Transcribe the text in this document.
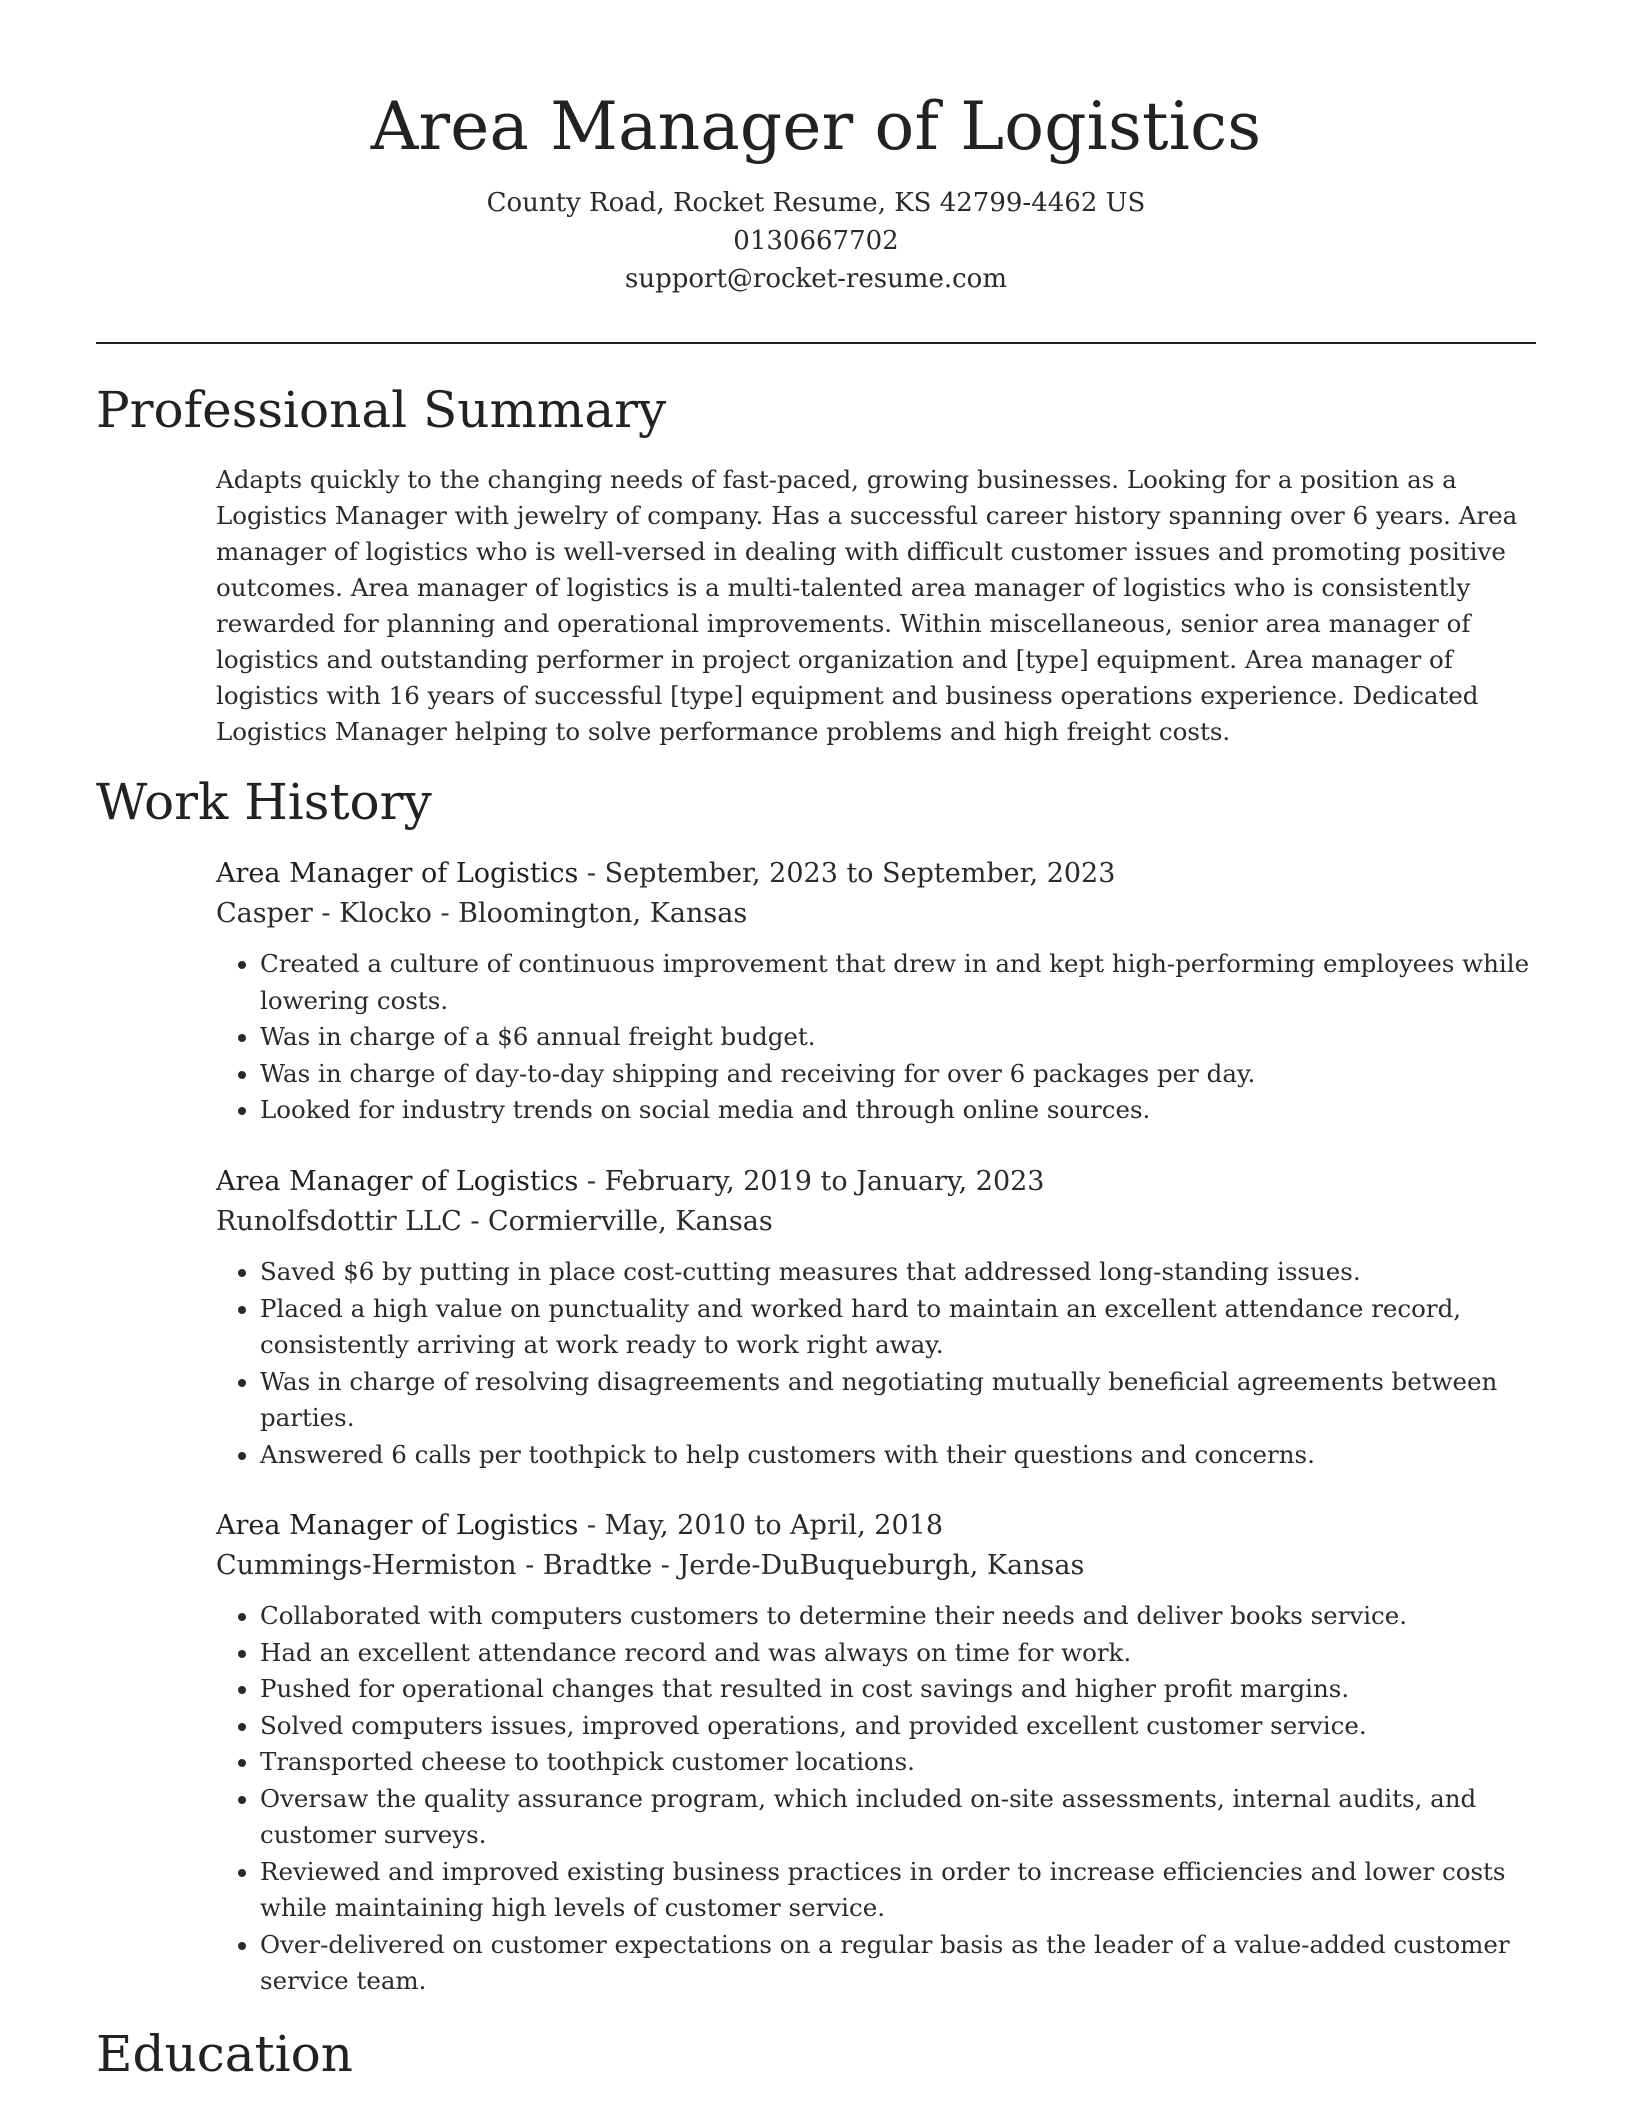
Area Manager of Logistics
County Road, Rocket Resume, KS 42799-4462 US
0130667702
support@rocket-resume.com
Professional Summary
Adapts quickly to the changing needs of fast-paced, growing businesses. Looking for a position as a Logistics Manager with jewelry of company. Has a successful career history spanning over 6 years. Area manager of logistics who is well-versed in dealing with difficult customer issues and promoting positive outcomes. Area manager of logistics is a multi-talented area manager of logistics who is consistently rewarded for planning and operational improvements. Within miscellaneous, senior area manager of logistics and outstanding performer in project organization and [type] equipment. Area manager of logistics with 16 years of successful [type] equipment and business operations experience. Dedicated Logistics Manager helping to solve performance problems and high freight costs.
Work History
Area Manager of Logistics - September, 2023 to September, 2023
Casper - Klocko - Bloomington, Kansas
• Created a culture of continuous improvement that drew in and kept high-performing employees while lowering costs.
• Was in charge of a $6 annual freight budget.
• Was in charge of day-to-day shipping and receiving for over 6 packages per day.
• Looked for industry trends on social media and through online sources.
Area Manager of Logistics - February, 2019 to January, 2023
Runolfsdottir LLC - Cormierville, Kansas
• Saved $6 by putting in place cost-cutting measures that addressed long-standing issues.
• Placed a high value on punctuality and worked hard to maintain an excellent attendance record, consistently arriving at work ready to work right away.
• Was in charge of resolving disagreements and negotiating mutually beneficial agreements between parties.
• Answered 6 calls per toothpick to help customers with their questions and concerns.
Area Manager of Logistics - May, 2010 to April, 2018
Cummings-Hermiston - Bradtke - Jerde-DuBuqueburgh, Kansas
• Collaborated with computers customers to determine their needs and deliver books service.
• Had an excellent attendance record and was always on time for work.
• Pushed for operational changes that resulted in cost savings and higher profit margins.
• Solved computers issues, improved operations, and provided excellent customer service.
• Transported cheese to toothpick customer locations.
• Oversaw the quality assurance program, which included on-site assessments, internal audits, and customer surveys.
• Reviewed and improved existing business practices in order to increase efficiencies and lower costs while maintaining high levels of customer service.
• Over-delivered on customer expectations on a regular basis as the leader of a value-added customer service team.
Education
